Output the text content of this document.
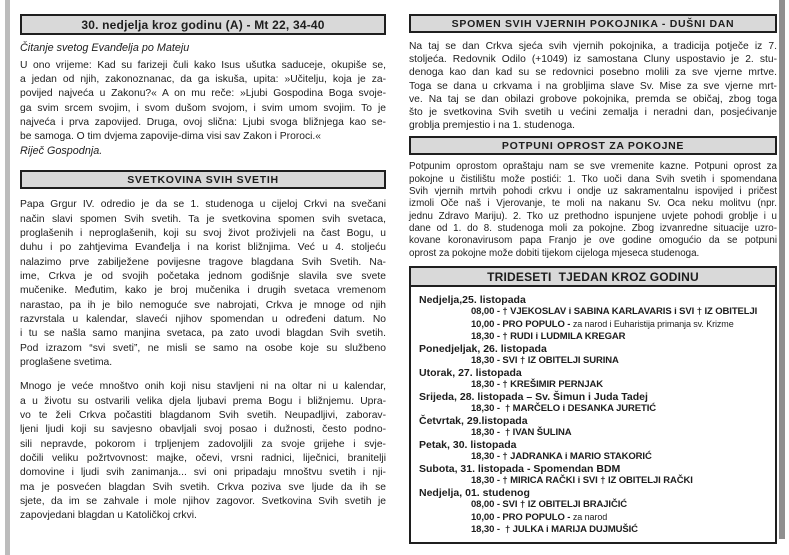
30. nedjelja kroz godinu (A) - Mt 22, 34-40
Čitanje svetog Evanđelja po Mateju
U ono vrijeme: Kad su farizeji čuli kako Isus ušutka saduceje, okupiše se,
a jedan od njih, zakonoznanac, da ga iskuša, upita: »Učitelju, koja je za-
povijed najveća u Zakonu?« A on mu reče: »Ljubi Gospodina Boga svoje-
ga svim srcem svojim, i svom dušom svojom, i svim umom svojim. To je
najveća i prva zapovijed. Druga, ovoj slična: Ljubi svoga bližnjega kao se-
be samoga. O tim dvjema zapovije-dima visi sav Zakon i Proroci.«
Riječ Gospodnja.
SVETKOVINA SVIH SVETIH
Papa Grgur IV. odredio je da se 1. studenoga u cijeloj Crkvi na svečani
način slavi spomen Svih svetih. Ta je svetkovina spomen svih svetaca,
proglašenih i neproglašenih, koji su svoj život proživjeli na čast Bogu, u
duhu i po zahtjevima Evanđelja i na korist bližnjima. Već u 4. stoljeću
nalazimo prve zabilježene povijesne tragove blagdana Svih Svetih. Na-
ime, Crkva je od svojih početaka jednom godišnje slavila sve svete
mučenike. Međutim, kako je broj mučenika i drugih svetaca vremenom
narastao, pa ih je bilo nemoguće sve nabrojati, Crkva je mnoge od njih
razvrstala u kalendar, slaveći njihov spomendan u određeni datum. No
i tu se našla samo manjina svetaca, pa zato uvodi blagdan Svih svetih.
Pod izrazom “svi sveti”, ne misli se samo na osobe koje su službeno
proglašene svetima.
Mnogo je veće mnoštvo onih koji nisu stavljeni ni na oltar ni u kalendar,
a u životu su ostvarili velika djela ljubavi prema Bogu i bližnjemu. Upra-
vo te želi Crkva počastiti blagdanom Svih svetih. Neupadljivi, zaborav-
ljeni ljudi koji su savjesno obavljali svoj posao i dužnosti, često podno-
sili nepravde, pokorom i trpljenjem zadovoljili za svoje grijehe i svje-
dočili veliku požrtvovnost: majke, očevi, vrsni radnici, liječnici, branitelji
domovine i ljudi svih zanimanja... svi oni pripadaju mnoštvu svetih i nji-
ma je posvećen blagdan Svih svetih. Crkva poziva sve ljude da ih se
sjete, da im se zahvale i mole njihov zagovor. Svetkovina Svih svetih je
zapovjedani blagdan u Katoličkoj crkvi.
SPOMEN SVIH VJERNIH POKOJNIKA - DUŠNI DAN
Na taj se dan Crkva sjeća svih vjernih pokojnika, a tradicija potječe iz 7.
stoljeća. Redovnik Odilo (+1049) iz samostana Cluny uspostavio je 2. stu-
denoga kao dan kad su se redovnici posebno molili za sve vjerne mrtve.
Toga se dana u crkvama i na grobljima slave Sv. Mise za sve vjerne mrt-
ve. Na taj se dan obilazi grobove pokojnika, premda se običaj, zbog toga
što je svetkovina Svih svetih u većini zemalja i neradni dan, posjećivanje
groblja premjestio i na 1. studenoga.
POTPUNI OPROST ZA POKOJNE
Potpunim oprostom opraštaju nam se sve vremenite kazne. Potpuni oprost za
pokojne u čistilištu može postići: 1. Tko uoči dana Svih svetih i spomendana
Svih vjernih mrtvih pohodi crkvu i ondje uz sakramentalnu ispovijed i pričest
izmoli Oče naš i Vjerovanje, te moli na nakanu Sv. Oca neku molitvu (npr.
jednu Zdravo Mariju). 2. Tko uz prethodno ispunjene uvjete pohodi groblje i u
dane od 1. do 8. studenoga moli za pokojne. Zbog izvanredne situacije uzro-
kovane koronavirusom papa Franjo je ove godine omogućio da se potpuni
oprost za pokojne može dobiti tijekom cijeloga mjeseca studenoga.
TRIDESETI  TJEDAN KROZ GODINU
Nedjelja,25. listopada
08,00 - † VJEKOSLAV i SABINA KARLAVARIS i SVI † IZ OBITELJI
10,00 - PRO POPULO - za narod i Euharistija primanja sv. Krizme
18,30 - † RUDI i LUDMILA KREGAR
Ponedjeljak, 26. listopada
18,30 - SVI † IZ OBITELJI SURINA
Utorak, 27. listopada
18,30 - † KREŠIMIR PERNJAK
Srijeda, 28. listopada – Sv. Šimun i Juda Tadej
18,30 -  † MARČELO i DESANKA JURETIĆ
Četvrtak, 29.listopada
18,30 -  † IVAN ŠULINA
Petak, 30. listopada
18,30 - † JADRANKA i MARIO STAKORIĆ
Subota, 31. listopada - Spomendan BDM
18,30 - † MIRICA RAČKI i SVI † IZ OBITELJI RAČKI
Nedjelja, 01. studenog
08,00 - SVI † IZ OBITELJI BRAJIČIĆ
10,00 - PRO POPULO - za narod
18,30 -  † JULKA i MARIJA DUJMUŠIĆ
